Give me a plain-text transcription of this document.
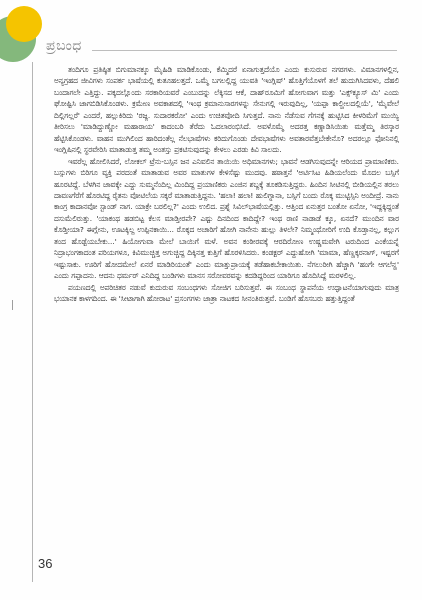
ಪ್ರಬಂಧ

ತಂದಿಗೂ ಪ್ರತಿಷ್ಠಿತ ಬಿಗುಮಾನಕ್ಕೂ ಮೈಹಿಡಿ ಮಾಡಿಕೊಂಡು, ಕೆಮ್ಮಿದರೆ ಏನಾಗುತ್ತದೆಯೊ ಎಂದು ಕುಸುರುವ ನಗರಗಳು. ವಿಮಾನಗಳಲ್ಲಿನ, ಅನ್ಯಗ್ರಹದ ಜೀವಿಗಳು ಸಂಪರ್ಕ ಭಾಷೆಯಲ್ಲಿ ಕುತೂಹಲತ್ತದೆ. ಒಮ್ಮೆ ಬಗಲಲ್ಲಿದ್ದ ಯುವತಿ 'ಇಂಗ್ಲಿಷ್' ಹೊತ್ತಿಗೆಯೊಳಗೆ ತಲೆ ಹುದುಗಿಸಿದವಳು, ದೆಹಲಿ ಬಂದಾಗಲೇ ಎತ್ತಿದ್ದು. ಪಕ್ಕದಲ್ಲೊಂದು ಸರಕಾರಿಯವರೆ ಎಂಬುದನ್ನು ಲೆಕ್ಕಿಸದ ಆಕೆ, ದಾಹ್‌ರೂಮಿಗೆ ಹೋಗುವಾಗ ಮತ್ತು 'ಎಕ್ಸ್‌ಕ್ಯೂಸ್ ಮಿ' ಎಂದು ಘೋಷ್ಟಿಸಿ ಜಾಗಬಿಡಿಸಿಕೊಂಡಳು. ಕ್ರಮೇಣ ಅವಕಾಶದಲ್ಲಿ 'ಇಂಥ ಕ್ರಮಾನುಸಾರಗಳನ್ನು ಸೇನುಗಲ್ಲಿ ಇರುವುದಿಲ್ಲ, 'ಯಪ್ಪಾ ಕಾಲ್ಚೀಲದಲ್ಲಿಯೆ', 'ಮೈವೇಲೆ ದಿಲ್ಲಿಗಲ್ಲರೆ' ಎಂದರೆ, ಹಲ್ಲುಕಿರಿದು 'ರಜ್ದ. ಸುದಾರಕರೋ' ಎಂದು ಉಚಿತವೋದಿ ಸಿಗುತ್ತದೆ. ನಾನು ನೆಡೆಸುವ ಗೆಗನಕ್ಕೆ ಹುಟ್ಟಿಸಿದ ಕೀಳರಿಮೆಗೆ ಮುಯ್ಯಿ ತೀರಿಸಲು 'ಮಾಡಿದ್ದುಣ್ಣೋ ಮಹಾರಾಯ' ಕಾದಂಬರಿ ತೆರೆದು ಓದಲಾರಂಭಿಸಿದೆ. ಅವಳೊಮ್ಮೆ ಅದರತ್ತ ಕಣ್ಣಾಡಿಸಿಯಿತು ಮತ್ತೆಮ್ಮ ತಿರಸ್ಕಾರ ಹೆಟ್ಟಿಸಿಕೊಂಡಳು. ವಾಹನ ಮುಗಿಲಿಂದ ಹಾರಿದಂತೆಲ್ಲ ನೆಲಭಾಷೆಗಳು ಕರಿದುಗೊಂಡು ದೇವಭಾಷೆಗಳು ಅವತಾರವೆತ್ತಬೇಕೇನೊ? ಅದರಲ್ಲೂ ಫೋನಿನಲ್ಲಿ ಇಂಗ್ಲಿಷಿನಲ್ಲಿ ಸ್ಥರವೇರಿಸಿ ಮಾತಾಡುತ್ತ ತಮ್ಮ ಅಂತಸ್ತು ಪ್ರಕಟಿಸುವುದನ್ನು ಕೇಳಲು ಎರಡು ಕಿವಿ ಸಾಲದು.

ಇವರೆಲ್ಲ ಹೋಲಿಸಿದರೆ, ಲೋಕಲ್ ಟ್ರೆನು-ಬಸ್ಸಿನ ಜನ ಎನಿವಲಿನ ತಾಯಿಯಿ ಅಧಿಮಾನಗಳು; ಭಾವನೆ ಆಡಗಿಸುವುದನ್ನೇ ಆರಿಯದ ಪ್ರಾಮಾಣಿಕರು. ಬಸ್ಸುಗಳು ಬಿರಿಗೂ ವ್ಯಕ್ತಿ ಪರದಂತೆ ಮಾತಾಡುವ ಅವರ ಮಾತುಗಳ ಕೇಳಿಸೆಷ್ಟು ಮುದವು. ಹಠಾತ್ತನೆ 'ಅರ್ಟಿಸಿಟ ಹಿಡಿಯಲೆಂದು ಮೊದಲ ಬಸ್ಸಿಗೆ ಹೂರಟಿದ್ದೆ. ಬೆಳಗಿನ ಜಾವಕ್ಕೇ ಎದ್ದು ಸುಮ್ಮನೆಂದಿಲ್ಲ ಮಿಂದಿದ್ದ ಪ್ರಯಾಣಿಕರು ಎಂಜಿನ ಶಬ್ದಕ್ಕೆ ತೂಕಡಿಸುತ್ತಿದ್ದರು. ಹಿಂದಿನ ಸೀಟಿನಲ್ಲಿ ಬೀಡಿಯಲ್ಲಿನ ತರಲು ದಾವಣಗೆರೆಗೆ ಹೊರಟಿದ್ದ ರೈತನು ವೋಟಿಲೆಯ ಸಕ್ಕರೆ ಮಾತಾಡುತ್ತಿದ್ದನು. 'ಹಲಾ! ಹಲಾ! ಹುಲಿಗ್ನಾನಾ, ಬಸ್ಸಿಗೆ ಬಂದು ರೊಕ್ಕ ಮುಟ್ಟಿಸ್ಸಿನಿ ಅಂದೀದ್ರೆ. ನಾನು ಕಾಂಗ್ರ ಕಾದಾನವೋ ಸ್ಟಾಂಡ್ ನಾಗ. ಯಾಕ್ರೇ ಬರಲಿಲ್ಲ?' ಎಂದು ಉಲಿದ. ಪ್ರಶ್ನೆ ಸಿವಿಲ್‌ಭಾಷೆಯಲ್ಲಿತ್ತು. ಆತ್ತಿಂದ ಏನುತ್ತರ ಬಂತೋ ಏನೋ, 'ಇದ್ದಕ್ಕಿದ್ದಂತೆ ದಸುಮೆಲಿರುತ್ತು. 'ಯಾಕಂಥ ಹಡಬಿಟ್ಟ ಕೆಲಸ ಮಾಡ್ತೀರಪೇ? ಎಷ್ಟು ದಿನದಿಂದ ಕಾದಿದ್ದೇ? ಇಂಥ ರಾಣಿ ನಾಡಾಡೆ ಕ್ಕೂ, ಏನದೆ? ಮುಂದಿನ ವಾರ ಕೊಡ್ತೀಯಾ? ಈಗ್ಲೇನು, ಊಟಕ್ಕಿಲ್ದ ಉಪ್ಪಿನಕಾಯಿ... ರೊಕ್ಕದ ಅಚಾರಿಗೆ ಹೋಗಿ ನಾನೇನು ಹುಲ್ಲು ತಿಳಲೇ? ನಿಮ್ಮಂಥೋರಿಗೆ ಉದಿ ಕೊಡ್ತಾನಲ್ಲ, ಕಲ್ಲುಗ ತಂದ ಹೊಡ್ಟೆಯಬೇಕು...' ಹಿಯೋಗುವಾ ಮೇಲೆ ಬಾಯಿಗೆ ಮಳೆ. ಅವನ ಕಂಠೀರವಕ್ಕೆ ಆರದಿರೋಣ ಉಷ್ಣಮವೇಗಿ ಟರುದಿಂದ ಎಂಕೆಯನ್ನೆ ನಿದ್ರಾಭಂಗಕಾದಂತ ಪರಿಯಗಳೂ, ಕಿವಿಮುಚ್ಚಿತ್ತ ಅಗುಚ್ಚಿದ್ದ ದಿಕ್ಕಿನತ್ತ ಕುತ್ತಿಗೆ ಹೊರಳಿಸಿದರು. ಕಂಡಕ್ಟರ್ ಎದ್ದುಹೋಗಿ 'ಮಾಮಾ, ಹೆಣ್ಣಕ್ಕರನಾಗ್, ಇಷ್ಟರಗೆ ಇಷ್ಟುಸಾಕು. ಊರಿಗೆ ಹೋದಮೇಲೆ ಏನರೆ ಮಾಡಿರಿಯಂತೆ' ಎಂದು ಮಾತ್ತುಪ್ರಾಯಕ್ಕೆ ತಡೆಹಾಕಬೇಕಾಯಿತು. ನೆಗಲುರೀಗಿ ಹೆಚ್ಚಾಗಿ 'ಹಂಗೇ ಆಗಲೆನ್ಹ' ಎಂದು ಗಪ್ಪಾದನು. ಆದನು ಧರ್ಮರ್ ಎನಿದಿದ್ದ ಬಂಡಿಗಳು ಮಾನಸ ಸರೋವರವನ್ನು ಕದಡಿದ್ದರಿಂದ ಯಾರಿಗೂ ಹೊದಿಸಿದ್ದೆ ಮರಳಲಿಲ್ಲ.

ಪಯಣದಲ್ಲಿ ಅಪರಿಚಿತರ ನಡುವೆ ಕುದುರುವ ಸಂಬಂಧಗಳು ಸೋಜಿಗ ಬರಿಸುತ್ತವೆ. ಈ ಸಂಬಂಧ ಸ್ಥಾಪನೆಯ ಉದ್ಘಾಟನೆಯಾಗುವುದು ಮಾತ್ರ ಭಯಾನಕ ಕಾಳಗದಿಂದ. ಈ 'ಸೀಟಾಗಾಗಿ ಹೋರಾಟ' ಪ್ರಸಂಗಗಳು ಜಾತ್ರಾ ನಾಟಕದ ಸೀನಂತಿರುತ್ತವೆ. ಬಂಡಿಗೆ ಹೊಸಬರು ಹತ್ತುತ್ತಿದ್ದಂತೆ

36
